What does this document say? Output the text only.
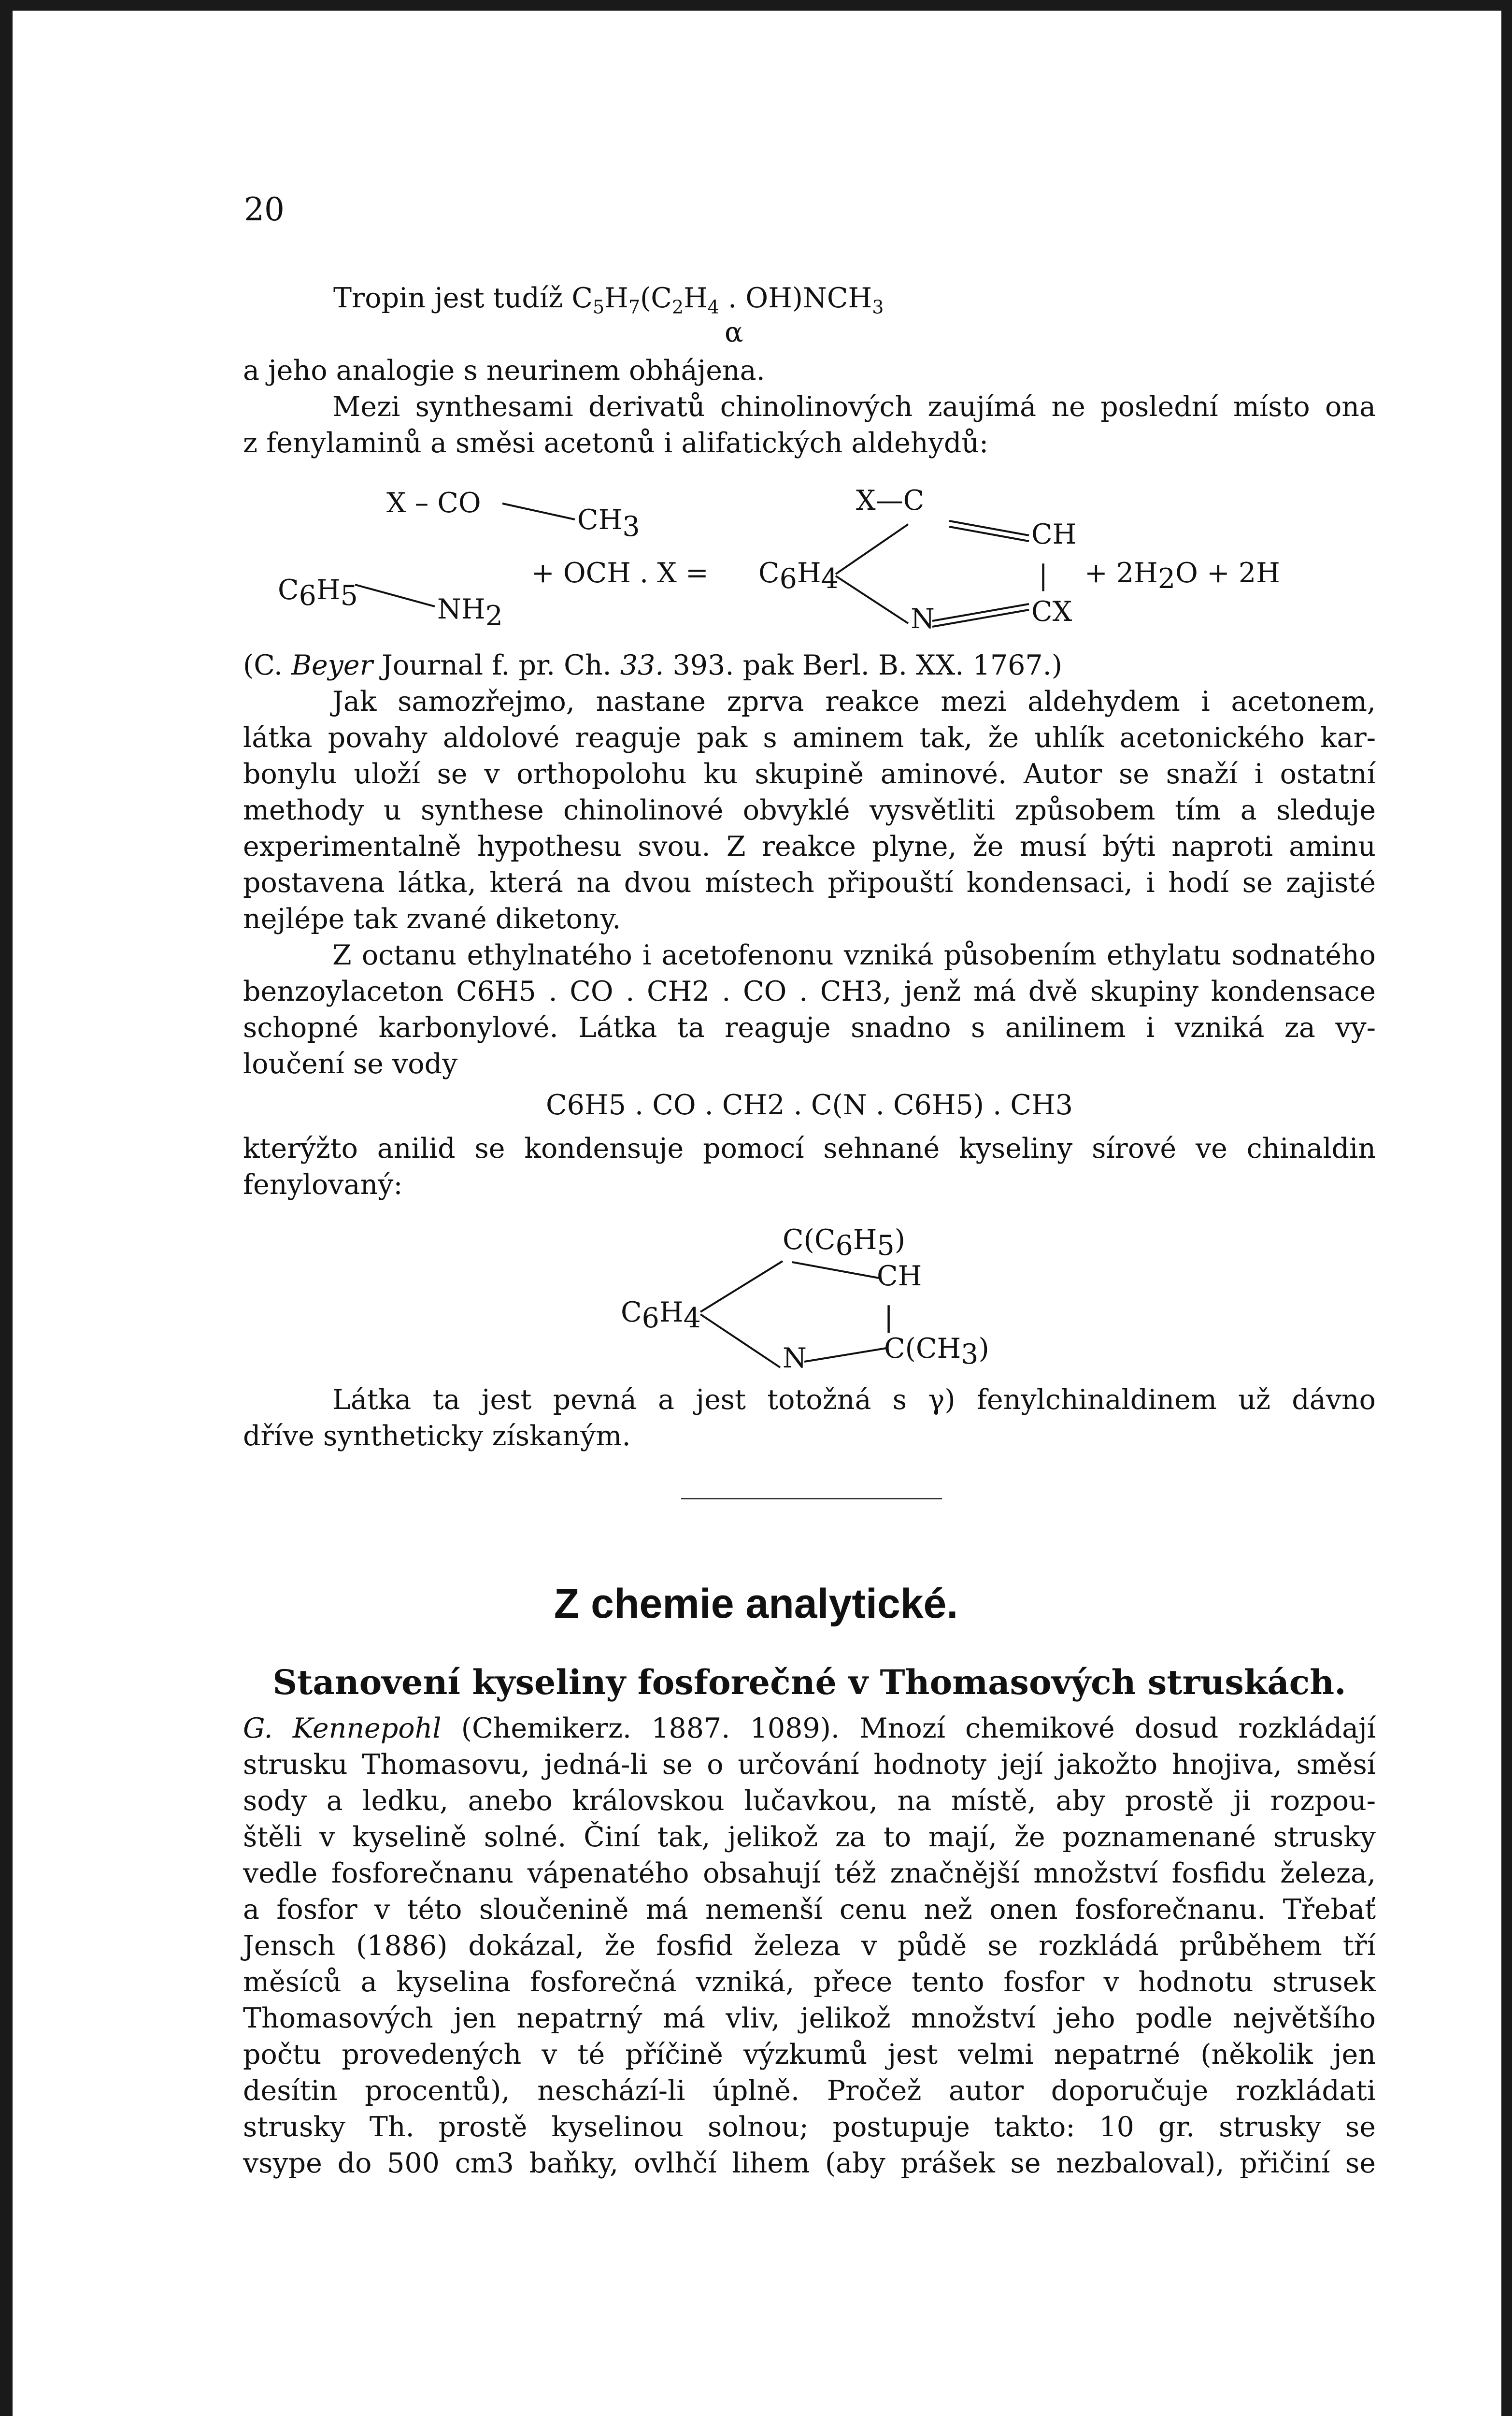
20
Tropin jest tudíž $C_5H_7(C_2H_4$ . $OH)NCH_3$
α
a jeho analogie s neurinem obhájena.
Mezi synthesami derivatů chinolinových zaujímá ne poslední místo ona
z fenylaminů a směsi acetonů i alifatických aldehydů:
X – CO
CH3
C6H5	NH2
+ OCH . X = C6H4
X—C
CH
|
N	CX
+ 2H2O + 2H
(C. Beyer Journal f. pr. Ch. 33. 393. pak Berl. B. XX. 1767.)
Jak samozřejmo, nastane zprva reakce mezi aldehydem i acetonem,
látka povahy aldolové reaguje pak s aminem tak, že uhlík acetonického kar-
bonylu uloží se v orthopolohu ku skupině aminové. Autor se snaží i ostatní
methody u synthese chinolinové obvyklé vysvětliti způsobem tím a sleduje
experimentalně hypothesu svou. Z reakce plyne, že musí býti naproti aminu
postavena látka, která na dvou místech připouští kondensaci, i hodí se zajisté
nejlépe tak zvané diketony.
Z octanu ethylnatého i acetofenonu vzniká působením ethylatu sodnatého
benzoylaceton C6H5 . CO . CH2 . CO . CH3, jenž má dvě skupiny kondensace
schopné karbonylové. Látka ta reaguje snadno s anilinem i vzniká za vy-
loučení se vody
C6H5 . CO . CH2 . C(N . C6H5) . CH3
kterýžto anilid se kondensuje pomocí sehnané kyseliny sírové ve chinaldin
fenylovaný:
C(C6H5)
CH
|
C6H4
N	C(CH3)
Látka ta jest pevná a jest totožná s γ) fenylchinaldinem už dávno
dříve syntheticky získaným.
Z chemie analytické.
Stanovení kyseliny fosforečné v Thomasových struskách.
G. Kennepohl (Chemikerz. 1887. 1089). Mnozí chemikové dosud rozkládají
strusku Thomasovu, jedná-li se o určování hodnoty její jakožto hnojiva, směsí
sody a ledku, anebo královskou lučavkou, na místě, aby prostě ji rozpou-
štěli v kyselině solné. Činí tak, jelikož za to mají, že poznamenané strusky
vedle fosforečnanu vápenatého obsahují též značnější množství fosfidu železa,
a fosfor v této sloučenině má nemenší cenu než onen fosforečnanu. Třebať
Jensch (1886) dokázal, že fosfid železa v půdě se rozkládá průběhem tří
měsíců a kyselina fosforečná vzniká, přece tento fosfor v hodnotu strusek
Thomasových jen nepatrný má vliv, jelikož množství jeho podle největšího
počtu provedených v té příčině výzkumů jest velmi nepatrné (několik jen
desítin procentů), neschází-li úplně. Pročež autor doporučuje rozkládati
strusky Th. prostě kyselinou solnou; postupuje takto: 10 gr. strusky se
vsype do 500 cm3 baňky, ovlhčí lihem (aby prášek se nezbaloval), přičiní se
